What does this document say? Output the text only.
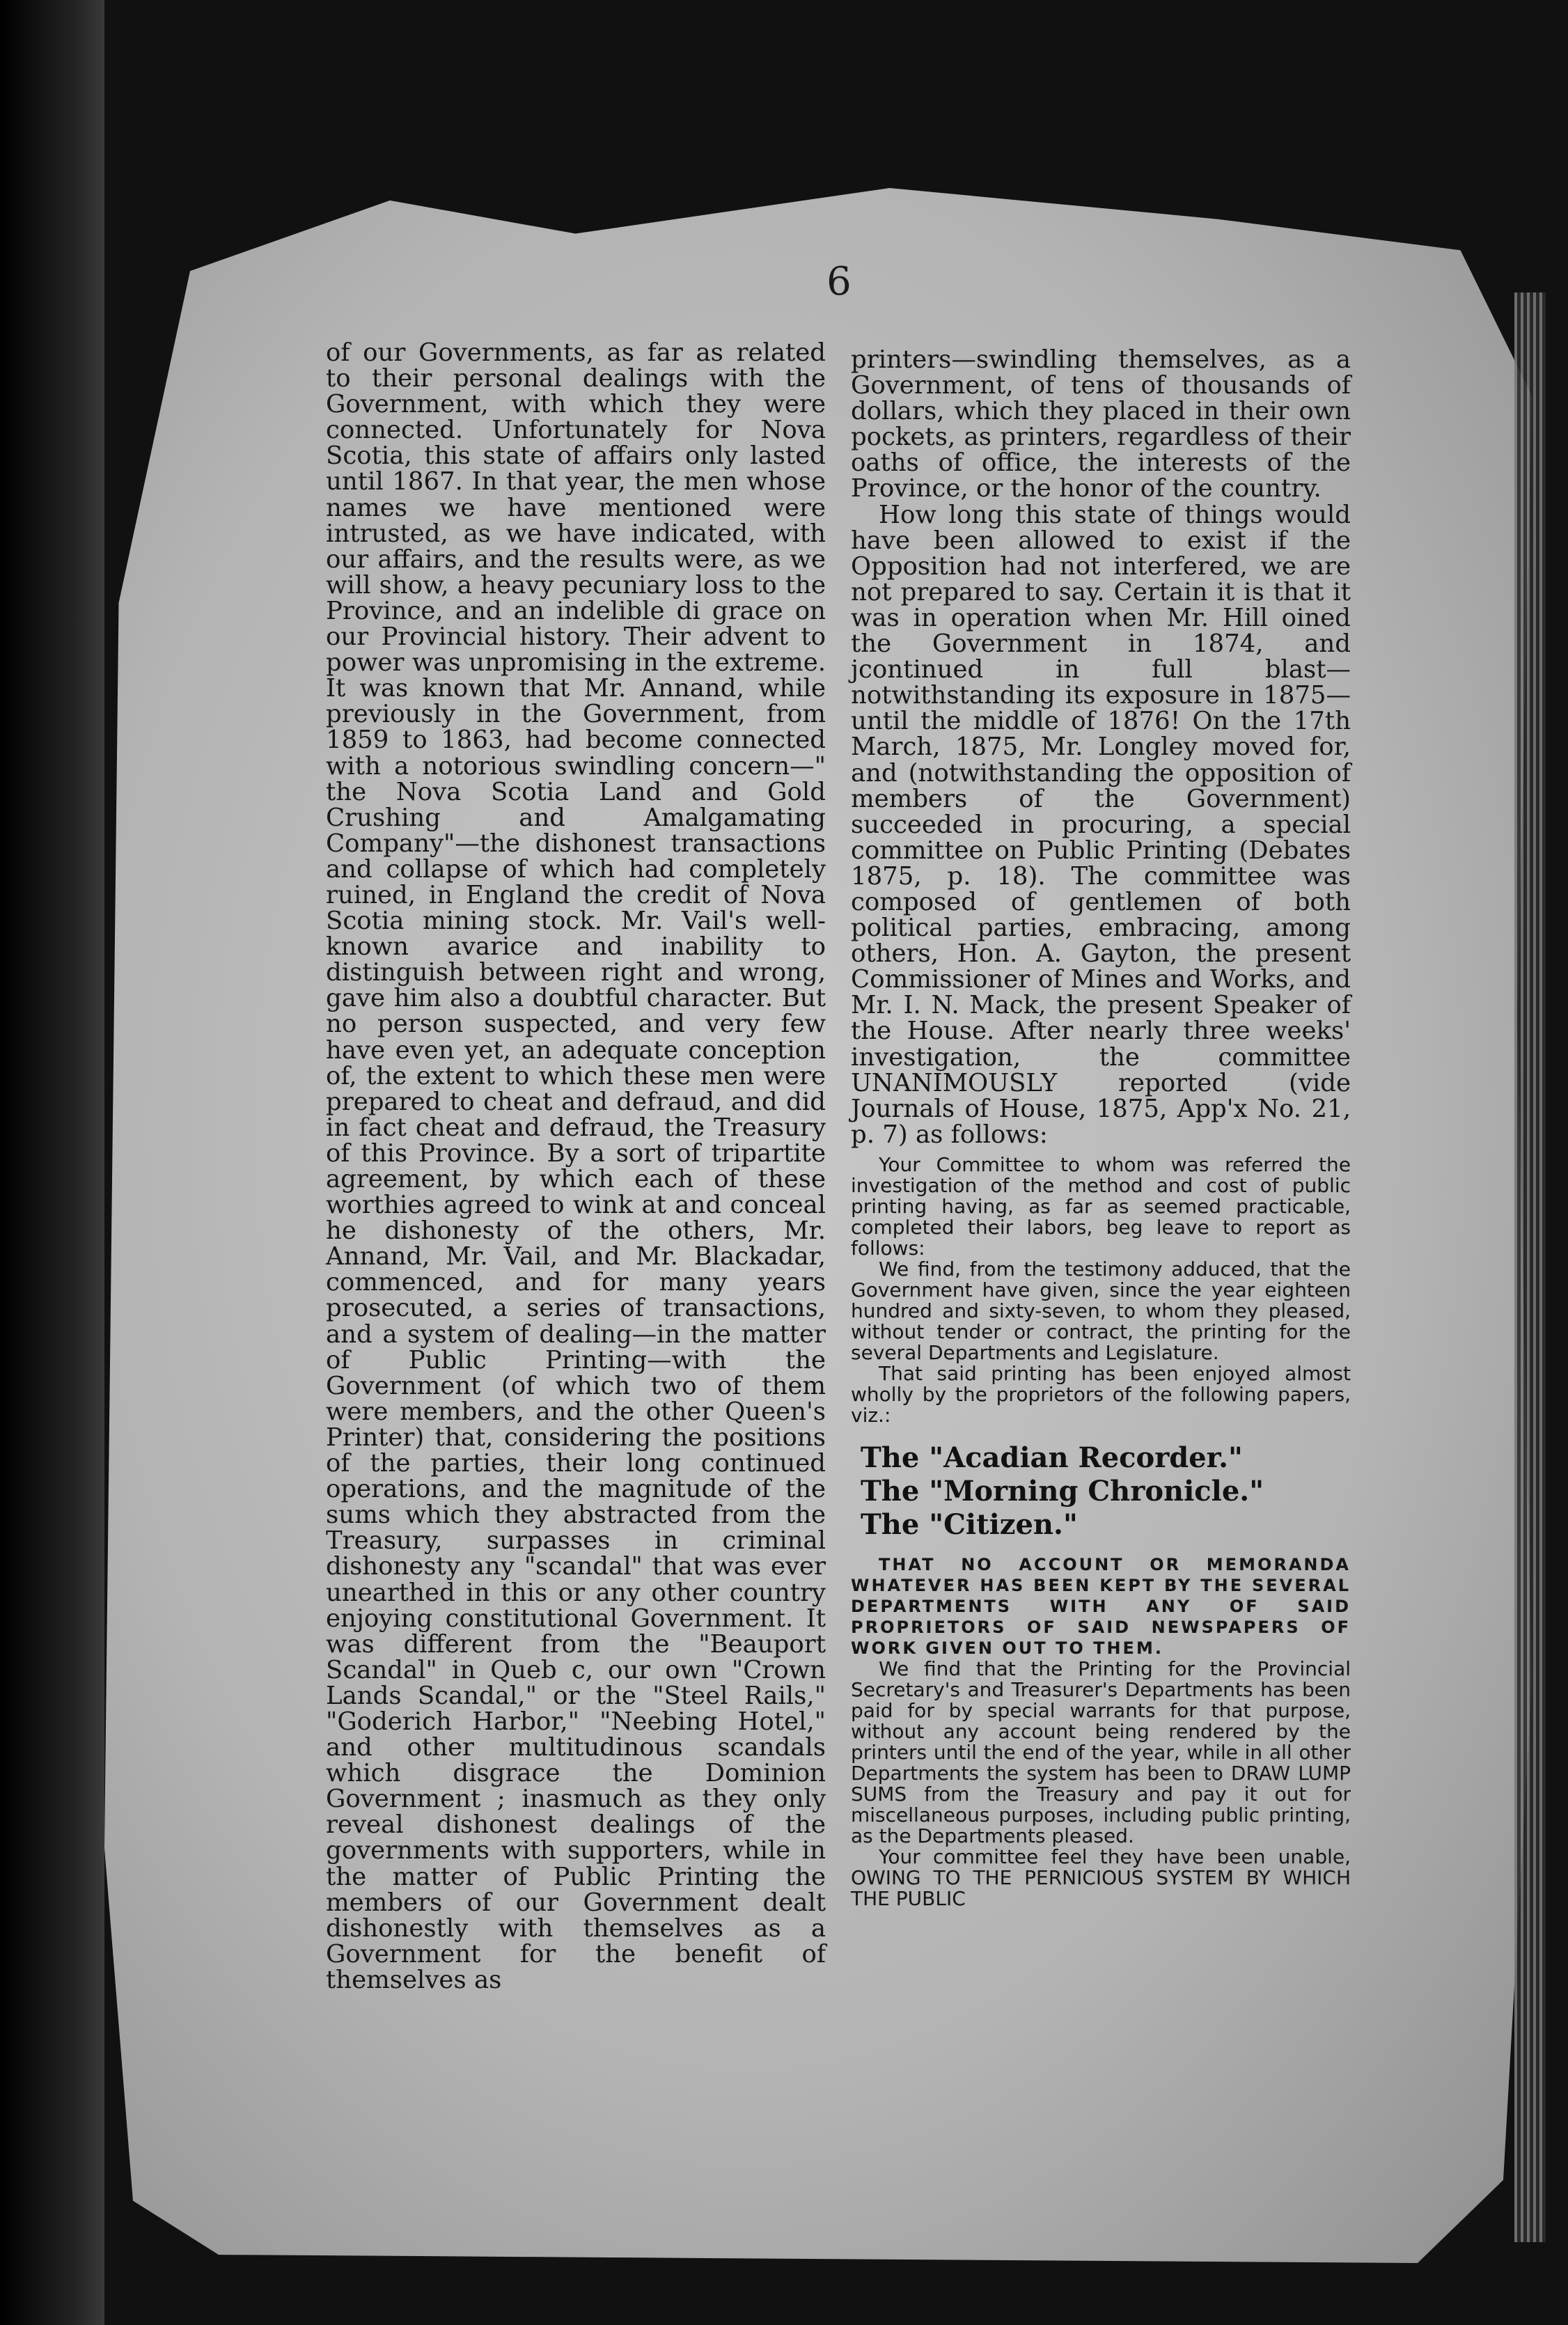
6

of our Governments, as far as related to their personal dealings with the Government, with which they were connected. Unfortunately for Nova Scotia, this state of affairs only lasted until 1867. In that year, the men whose names we have mentioned were intrusted, as we have indicated, with our affairs, and the results were, as we will show, a heavy pecuniary loss to the Province, and an indelible di grace on our Provincial history. Their advent to power was unpromising in the extreme. It was known that Mr. Annand, while previously in the Government, from 1859 to 1863, had become connected with a notorious swindling concern—" the Nova Scotia Land and Gold Crushing and Amalgamating Company"—the dishonest transactions and collapse of which had completely ruined, in England the credit of Nova Scotia mining stock. Mr. Vail's well-known avarice and inability to distinguish between right and wrong, gave him also a doubtful character. But no person suspected, and very few have even yet, an adequate conception of, the extent to which these men were prepared to cheat and defraud, and did in fact cheat and defraud, the Treasury of this Province. By a sort of tripartite agreement, by which each of these worthies agreed to wink at and conceal he dishonesty of the others, Mr. Annand, Mr. Vail, and Mr. Blackadar, commenced, and for many years prosecuted, a series of transactions, and a system of dealing—in the matter of Public Printing—with the Government (of which two of them were members, and the other Queen's Printer) that, considering the positions of the parties, their long continued operations, and the magnitude of the sums which they abstracted from the Treasury, surpasses in criminal dishonesty any "scandal" that was ever unearthed in this or any other country enjoying constitutional Government. It was different from the "Beauport Scandal" in Queb c, our own "Crown Lands Scandal," or the "Steel Rails," "Goderich Harbor," "Neebing Hotel," and other multitudinous scandals which disgrace the Dominion Government ; inasmuch as they only reveal dishonest dealings of the governments with supporters, while in the matter of Public Printing the members of our Government dealt dishonestly with themselves as a Government for the benefit of themselves as

printers—swindling themselves, as a Government, of tens of thousands of dollars, which they placed in their own pockets, as printers, regardless of their oaths of office, the interests of the Province, or the honor of the country.

How long this state of things would have been allowed to exist if the Opposition had not interfered, we are not prepared to say. Certain it is that it was in operation when Mr. Hill oined the Government in 1874, and jcontinued in full blast—notwithstanding its exposure in 1875—until the middle of 1876! On the 17th March, 1875, Mr. Longley moved for, and (notwithstanding the opposition of members of the Government) succeeded in procuring, a special committee on Public Printing (Debates 1875, p. 18). The committee was composed of gentlemen of both political parties, embracing, among others, Hon. A. Gayton, the present Commissioner of Mines and Works, and Mr. I. N. Mack, the present Speaker of the House. After nearly three weeks' investigation, the committee UNANIMOUSLY reported (vide Journals of House, 1875, App'x No. 21, p. 7) as follows:

Your Committee to whom was referred the investigation of the method and cost of public printing having, as far as seemed practicable, completed their labors, beg leave to report as follows:

We find, from the testimony adduced, that the Government have given, since the year eighteen hundred and sixty-seven, to whom they pleased, without tender or contract, the printing for the several Departments and Legislature.

That said printing has been enjoyed almost wholly by the proprietors of the following papers, viz.:

The "Acadian Recorder."
The "Morning Chronicle."
The "Citizen."

THAT NO ACCOUNT OR MEMORANDA WHATEVER HAS BEEN KEPT BY THE SEVERAL DEPARTMENTS WITH ANY OF SAID PROPRIETORS OF SAID NEWSPAPERS OF WORK GIVEN OUT TO THEM.

We find that the Printing for the Provincial Secretary's and Treasurer's Departments has been paid for by special warrants for that purpose, without any account being rendered by the printers until the end of the year, while in all other Departments the system has been to DRAW LUMP SUMS from the Treasury and pay it out for miscellaneous purposes, including public printing, as the Departments pleased.

Your committee feel they have been unable, OWING TO THE PERNICIOUS SYSTEM BY WHICH THE PUBLIC
